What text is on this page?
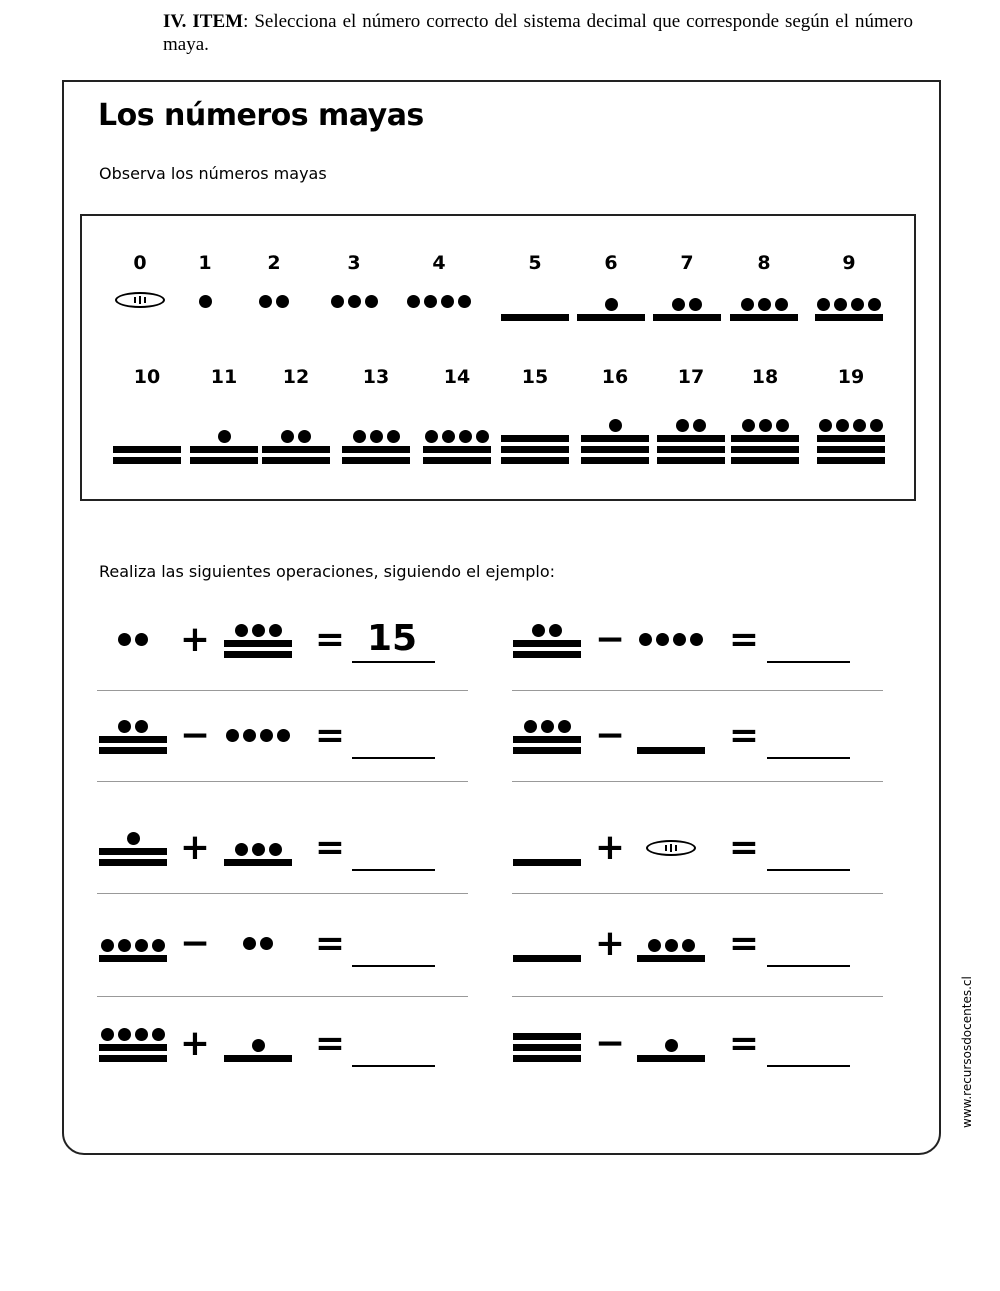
IV. ITEM: Selecciona el número correcto del sistema decimal que corresponde según el número maya.
Los números mayas
Observa los números mayas
0	1	2	3	4	5	6	7	8	9
10	11 12	13	14	15	16	17	18	19
Realiza las siguientes operaciones, siguiendo el ejemplo:
+	= 15	−	=
−	=	−	=
+	=	+	=
−	=	+	=
+	=	−	=	www.recursosdocentes.cl
